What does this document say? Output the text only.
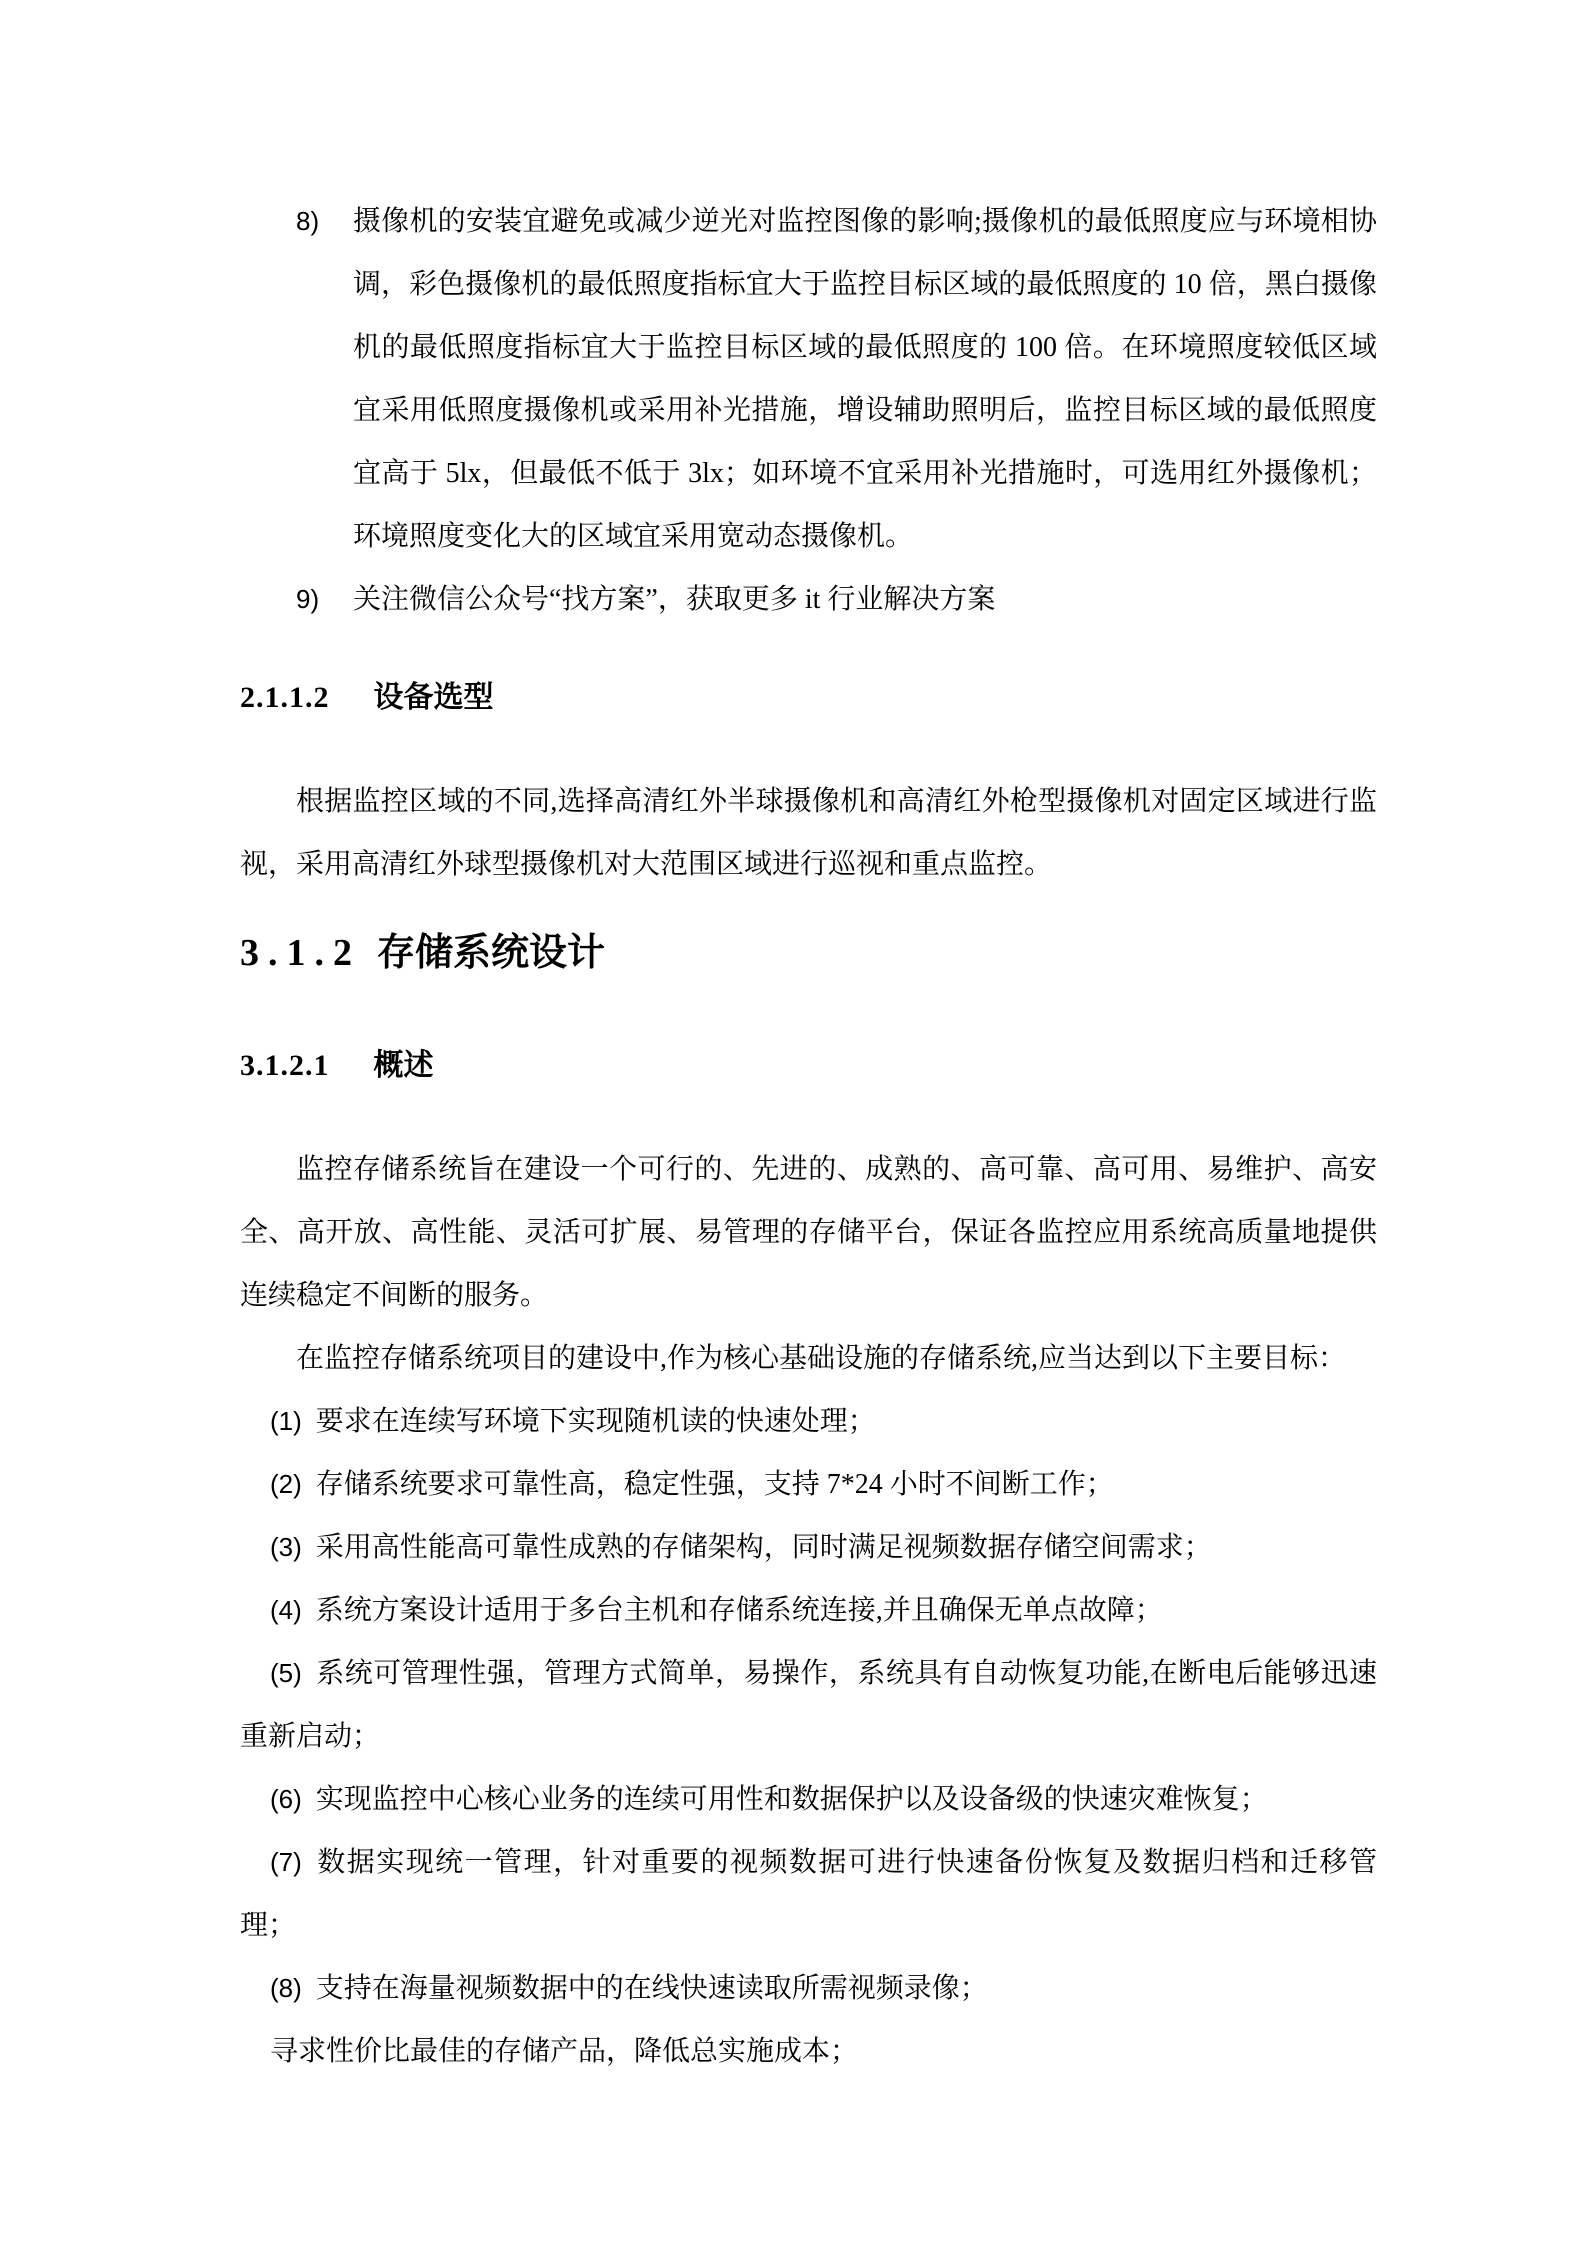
8) 摄像机的安装宜避免或减少逆光对监控图像的影响;摄像机的最低照度应与环境相协调，彩色摄像机的最低照度指标宜大于监控目标区域的最低照度的 10 倍，黑白摄像机的最低照度指标宜大于监控目标区域的最低照度的 100 倍。在环境照度较低区域宜采用低照度摄像机或采用补光措施，增设辅助照明后，监控目标区域的最低照度宜高于 5lx，但最低不低于 3lx；如环境不宜采用补光措施时，可选用红外摄像机；环境照度变化大的区域宜采用宽动态摄像机。

9) 关注微信公众号“找方案”，获取更多 it 行业解决方案

2.1.1.2 设备选型

根据监控区域的不同,选择高清红外半球摄像机和高清红外枪型摄像机对固定区域进行监视，采用高清红外球型摄像机对大范围区域进行巡视和重点监控。

3.1.2 存储系统设计
3.1.2.1 概述

监控存储系统旨在建设一个可行的、先进的、成熟的、高可靠、高可用、易维护、高安全、高开放、高性能、灵活可扩展、易管理的存储平台，保证各监控应用系统高质量地提供连续稳定不间断的服务。

在监控存储系统项目的建设中,作为核心基础设施的存储系统,应当达到以下主要目标：

(1) 要求在连续写环境下实现随机读的快速处理；

(2) 存储系统要求可靠性高，稳定性强，支持 7*24 小时不间断工作；

(3) 采用高性能高可靠性成熟的存储架构，同时满足视频数据存储空间需求；

(4) 系统方案设计适用于多台主机和存储系统连接,并且确保无单点故障；

(5) 系统可管理性强，管理方式简单，易操作，系统具有自动恢复功能,在断电后能够迅速重新启动；

(6) 实现监控中心核心业务的连续可用性和数据保护以及设备级的快速灾难恢复；

(7) 数据实现统一管理，针对重要的视频数据可进行快速备份恢复及数据归档和迁移管理；

(8) 支持在海量视频数据中的在线快速读取所需视频录像；

寻求性价比最佳的存储产品，降低总实施成本；
